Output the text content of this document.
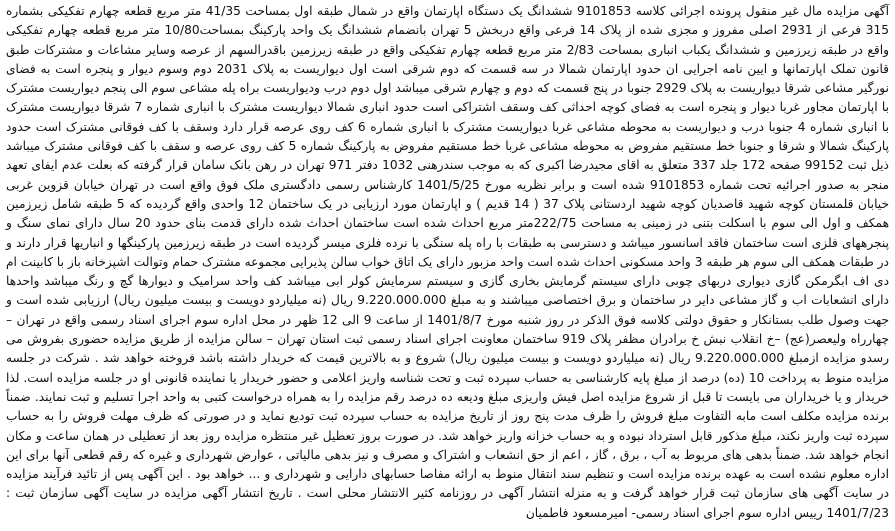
آگهی مزایده مال غیر منقول پرونده اجرائی کلاسه 9101853 ششدانگ یک دستگاه اپارتمان واقع در شمال طبقه اول بمساحت 41/35 متر مربع قطعه چهارم تفکیکی بشماره 315 فرعی از 2931 اصلی مفروز و مجزی شده از پلاک 14 فرعی واقع دربخش 5 تهران بانضمام ششدانگ یک واحد پارکینگ بمساحت10/80 متر مربع قطعه چهارم تفکیکی واقع در طبقه زیرزمین و ششدانگ یکباب انباری بمساحت 2/83 متر مربع قطعه چهارم تفکیکی واقع در طبقه زیرزمین باقدرالسهم از عرصه وسایر مشاعات و مشترکات طبق قانون تملک اپارتمانها و ایین نامه اجرایی ان حدود اپارتمان شمالا در سه قسمت که دوم شرقی است اول دیواریست به پلاک 2031 دوم وسوم دیوار و پنجره است به فضای نورگیر مشاعی شرقا دیواریست به پلاک 2929 جنوبا در پنج قسمت که دوم و چهارم شرقی میباشد اول دوم درب ودیواریست براه پله مشاعی سوم الی پنجم دیواریست مشترک با اپارتمان مجاور غربا دیوار و پنجره است به فضای کوچه احداثی کف وسقف اشتراکی است حدود انباری شمالا دیواریست مشترک با انباری شماره 7 شرقا دیواریست مشترک با انباری شماره 4 جنوبا درب و دیواریست به محوطه مشاعی غربا دیواریست مشترک با انباری شماره 6 کف روی عرصه قرار دارد وسقف با کف فوقانی مشترک است حدود پارکینگ شمالا و شرقا و جنوبا خط مستقیم مفروض به محوطه مشاعی غربا خط مستقیم مفروض به پارکینگ شماره 5 کف روی عرصه و سقف با کف فوقانی مشترک میباشد ذیل ثبت 99152 صفحه 172 جلد 337 متعلق به اقای مجیدرضا اکبری که به موجب سندرهنی 1032 دفتر 971 تهران در رهن بانک سامان قرار گرفته که بعلت عدم ایفای تعهد منجر به صدور اجرائیه تحت شماره 9101853 شده است و برابر نظریه مورخ 1401/5/25 کارشناس رسمی دادگستری ملک فوق واقع است در تهران خیابان قزوین غربی خیابان قلمستان کوچه شهید قاصدیان کوچه شهید اردستانی پلاک 37 ( 14 قدیم ) و اپارتمان مورد ارزیابی در یک ساختمان 12 واحدی واقع گردیده که 5 طبقه شامل زیرزمین همکف و اول الی سوم با اسکلت بتنی در زمینی به مساحت 222/75متر مربع احداث شده است ساختمان احداث شده دارای قدمت بنای حدود 20 سال دارای نمای سنگ و پنجرههای فلزی است ساختمان فاقد اسانسور میباشد و دسترسی به طبقات با راه پله سنگی با نرده فلزی میسر گردیده است در طبقه زیرزمین پارکینگها و انباریها قرار دارند و در طبقات همکف الی سوم هر طبقه 3 واحد مسکونی احداث شده است واحد مزبور دارای یک اتاق خواب سالن پذیرایی مجموعه مشترک حمام وتوالت اشپزخانه باز با کابینت ام دی اف ابگرمکن گازی دیواری دربهای چوبی دارای سیستم گرمایش بخاری گازی و سیستم سرمایش کولر ابی میباشد کف واحد سرامیک و دیوارها گچ و رنگ میباشد واحدها دارای انشعابات اب و گاز مشاعی دایر در ساختمان و برق اختصاصی میباشند و به مبلغ 9.220.000.000 ریال (نه میلیاردو دویست و بیست میلیون ریال) ارزیابی شده است و جهت وصول طلب بستانکار و حقوق دولتی کلاسه فوق الذکر در روز شنبه مورخ 1401/8/7 از ساعت 9 الی 12 ظهر در محل اداره سوم اجرای اسناد رسمی واقع در تهران – چهارراه ولیعصر(عج) –خ انقلاب نبش خ برادران مظفر پلاک 919 ساختمان معاونت اجرای اسناد رسمی ثبت استان تهران – سالن مزایده از طریق مزایده حضوری بفروش می رسدو مزایده ازمبلغ 9.220.000.000 ریال (نه میلیاردو دویست و بیست میلیون ریال) شروع و به بالاترین قیمت که خریدار داشته باشد فروخته خواهد شد . شرکت در جلسه مزایده منوط به پرداخت 10 (ده) درصد از مبلغ پایه کارشناسی به حساب سپرده ثبت و تحت شناسه واریز اعلامی و حضور خریدار یا نماینده قانونی او در جلسه مزایده است. لذا خریدار و یا خریداران می بایست تا قبل از شروع مزایده اصل فیش واریزی مبلغ ودیعه ده درصد رقم مزایده را به همراه درخواست کتبی به واحد اجرا تسلیم و ثبت نمایند. ضمناً برنده مزایده مکلف است مابه التفاوت مبلغ فروش را ظرف مدت پنج روز از تاریخ مزایده به حساب سپرده ثبت تودیع نماید و در صورتی که ظرف مهلت فروش را به حساب سپرده ثبت واریز نکند، مبلغ مذکور قابل استرداد نبوده و به حساب خزانه واریز خواهد شد. در صورت بروز تعطیل غیر منتظره مزایده روز بعد از تعطیلی در همان ساعت و مکان انجام خواهد شد. ضمناً بدهی های مربوط به آب ، برق ، گاز ، اعم از حق انشعاب و اشتراک و مصرف و نیز بدهی مالیاتی ، عوارض شهرداری و غیره که رقم قطعی آنها برای این اداره معلوم نشده است به عهده برنده مزایده است و تنظیم سند انتقال منوط به ارائه مفاصا حسابهای دارایی و شهرداری و ... خواهد بود . این آگهی پس از تائید فرآیند مزایده در سایت آگهی های سازمان ثبت قرار خواهد گرفت و به منزله انتشار آگهی در روزنامه کثیر الانتشار محلی است . تاریخ انتشار آگهی مزایده در سایت آگهی سازمان ثبت : 1401/7/23 رییس اداره سوم اجرای اسناد رسمی- امیرمسعود فاطمیان
